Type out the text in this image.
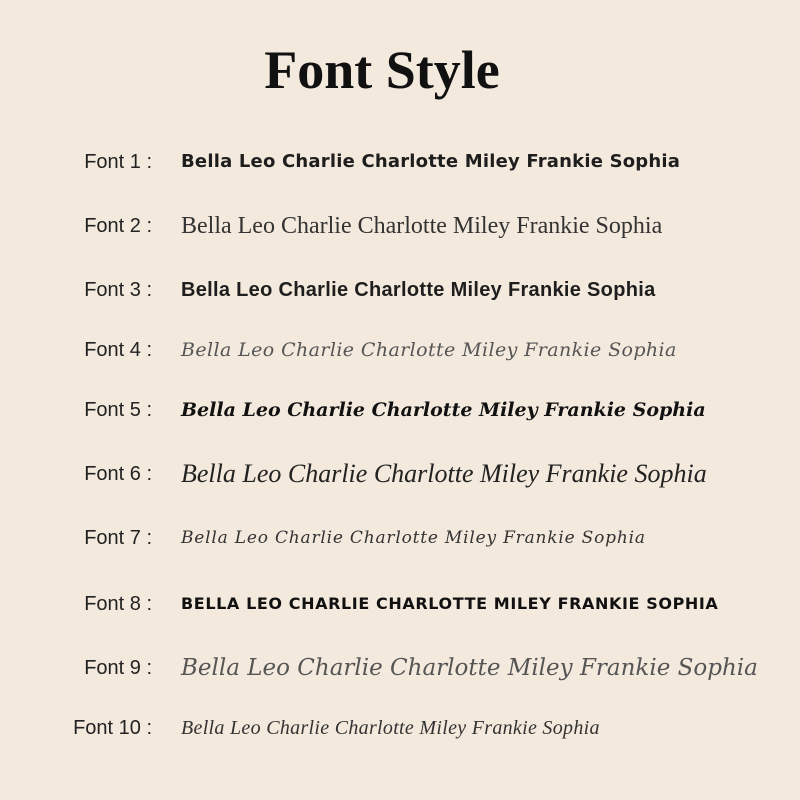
Font Style
Font 1 : Bella Leo Charlie Charlotte Miley Frankie Sophia
Font 2 : Bella Leo Charlie Charlotte Miley Frankie Sophia
Font 3 : Bella Leo Charlie Charlotte Miley Frankie Sophia
Font 4 : Bella Leo Charlie Charlotte Miley Frankie Sophia
Font 5 : Bella Leo Charlie Charlotte Miley Frankie Sophia
Font 6 : Bella Leo Charlie Charlotte Miley Frankie Sophia
Font 7 : Bella Leo Charlie Charlotte Miley Frankie Sophia
Font 8 : BELLA LEO CHARLIE CHARLOTTE MILEY FRANKIE SOPHIA
Font 9 : Bella Leo Charlie Charlotte Miley Frankie Sophia
Font 10 : Bella Leo Charlie Charlotte Miley Frankie Sophia
